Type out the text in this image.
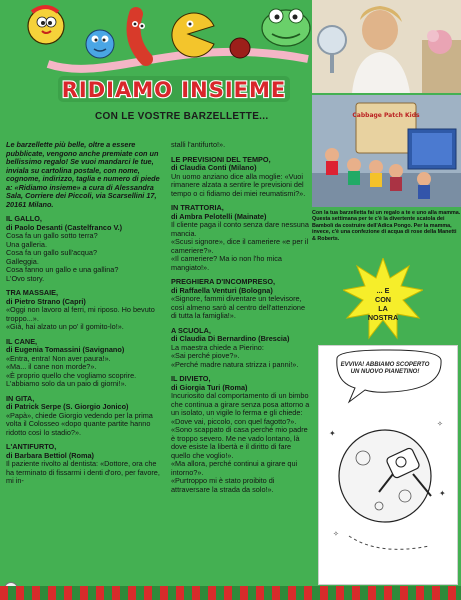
RIDIAMO INSIEME
CON LE VOSTRE BARZELLETTE...	Cabbage Patch Kids
Con la tua barzelletta fai un regalo a te e uno alla mamma. Questa settimana per te c'è la divertente scatola dei Bambolì da costruire dell'Adica Pongo. Per la mamma, invece, c'è una confezione di acqua di rose della Manetti & Roberts.

Le barzellette più belle, oltre a essere pubblicate, vengono anche premiate con un bellissimo regalo! Se vuoi mandarci le tue, inviala su cartolina postale, con nome, cognome, indirizzo, taglia e numero di piede a: «Ridiamo insieme» a cura di Alessandra Sala, Corriere dei Piccoli, via Scarsellini 17, 20161 Milano.

IL GALLO,
di Paolo Desanti (Castelfranco V.)
Cosa fa un gallo sotto terra?
Una galleria.
Cosa fa un gallo sull'acqua?
Galleggia.
Cosa fanno un gallo e una gallina?
L'Ovo story.
TRA MASSAIE,
di Pietro Strano (Capri)
«Oggi non lavoro al ferri, mi riposo. Ho bevuto troppo...».
«Già, hai alzato un po' il gomito-lo!».
IL CANE,
di Eugenia Tomassini (Savignano)
«Entra, entra! Non aver paura!».
«Ma... il cane non morde?».
«È proprio quello che vogliamo scoprire. L'abbiamo solo da un paio di giorni!».
IN GITA,
di Patrick Serpe (S. Giorgio Jonico)
«Papà», chiede Giorgio vedendo per la prima volta il Colosseo «dopo quante partite hanno ridotto così lo stadio?».
L'ANTIFURTO,
di Barbara Bettiol (Roma)
Il paziente rivolto al dentista: «Dottore, ora che ha terminato di fissarmi i denti d'oro, per favore, mi in-
stalli l'antifurto!».
LE PREVISIONI DEL TEMPO,
di Claudia Conti (Milano)
Un uomo anziano dice alla moglie: «Vuoi rimanere alzata a sentire le previsioni del tempo o ci fidiamo dei miei reumatismi?».
IN TRATTORIA,
di Ambra Pelotelli (Mainate)
Il cliente paga il conto senza dare nessuna mancia.
«Scusi signore», dice il cameriere «e per il cameriere?».
«Il cameriere? Ma io non l'ho mica mangiato!».
PREGHIERA D'INCOMPRESO,
di Raffaella Venturi (Bologna)
«Signore, fammi diventare un televisore, così almeno sarò al centro dell'attenzione di tutta la famiglia!».
A SCUOLA,
di Claudia Di Bernardino (Brescia)
La maestra chiede a Pierino:
«Sai perché piove?».
«Perché madre natura strizza i panni!».
IL DIVIETO,
di Giorgia Turi (Roma)
Incuriosito dal comportamento di un bimbo che continua a girare senza posa attorno a un isolato, un vigile lo ferma e gli chiede:
«Dove vai, piccolo, con quel fagotto?».
«Sono scappato di casa perché mio padre è troppo severo. Me ne vado lontano, là dove esiste la libertà e il diritto di fare quello che voglio!».
«Ma allora, perché continui a girare qui intorno?».
«Purtroppo mi è stato proibito di attraversare la strada da solo!».
... E
CON
LA
NOSTRA
✦
✧
✦
✧
EVVIVA! ABBIAMO SCOPERTO UN NUOVO PIANETINO!
